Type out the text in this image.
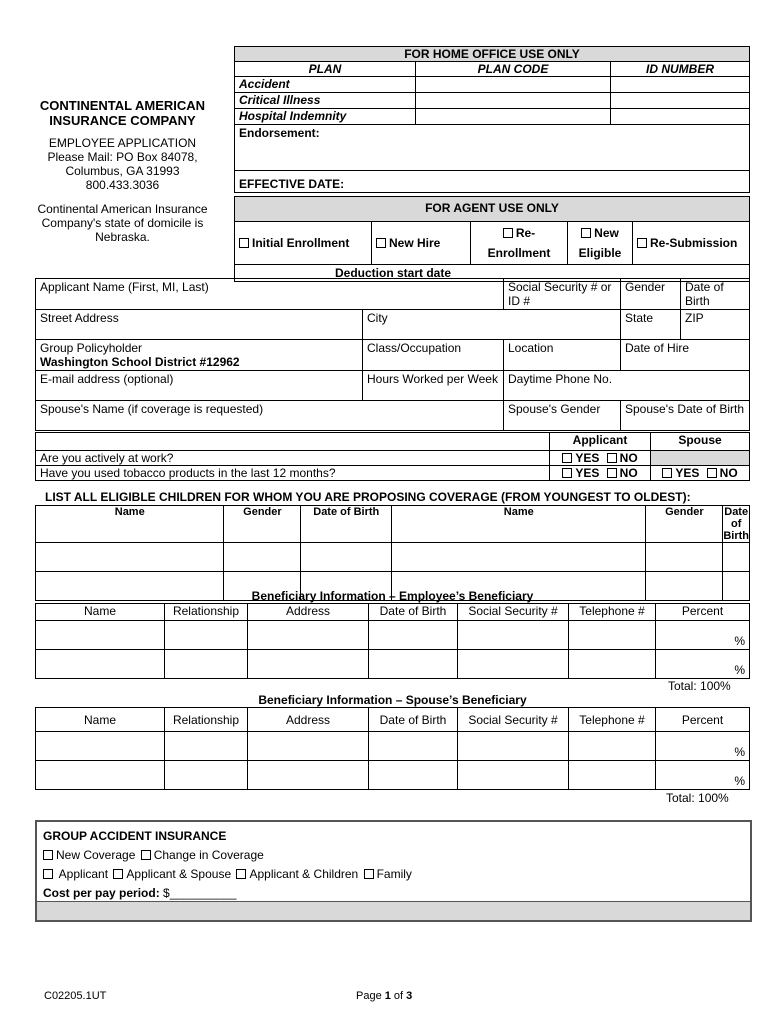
CONTINENTAL AMERICAN
INSURANCE COMPANY
EMPLOYEE APPLICATION
Please Mail: PO Box 84078,
Columbus, GA 31993
800.433.3036
Continental American Insurance
Company's state of domicile is
Nebraska.
FOR HOME OFFICE USE ONLY		
PLAN	PLAN CODE	ID NUMBER
Accident		
Critical Illness		
Hospital Indemnity		
Endorsement:		
EFFECTIVE DATE:		
FOR AGENT USE ONLY
Initial Enrollment	New Hire	Re-
Enrollment	New
Eligible	Re-Submission
Deduction start date ____________________
Applicant Name (First, MI, Last)		Social Security # or ID #	Gender	Date of Birth
Street Address	City		State	ZIP

Group Policyholder
Washington School District #12962	Class/Occupation	Location	Date of Hire	
E-mail address (optional)	Hours Worked per Week	Daytime Phone No.		
Spouse's Name (if coverage is requested)		Spouse's Gender	Spouse's Date of Birth	
	Applicant	Spouse
Are you actively at work?	YES NO	
Have you used tobacco products in the last 12 months?	YES NO	YES NO
LIST ALL ELIGIBLE CHILDREN FOR WHOM YOU ARE PROPOSING COVERAGE (FROM YOUNGEST TO OLDEST):
Name	Gender	Date of Birth	Name	Gender	Date of Birth

Beneficiary Information – Employee’s Beneficiary
Name	Relationship	Address	Date of Birth	Social Security #	Telephone #	Percent
						%
						%
Total: 100%
Beneficiary Information – Spouse’s Beneficiary
Name	Relationship	Address	Date of Birth	Social Security #	Telephone #	Percent
						%
						%
Total: 100%
GROUP ACCIDENT INSURANCE
New Coverage Change in Coverage
Applicant Applicant & Spouse Applicant & Children Family
Cost per pay period: $__________
C02205.1UT	Page 1 of 3
